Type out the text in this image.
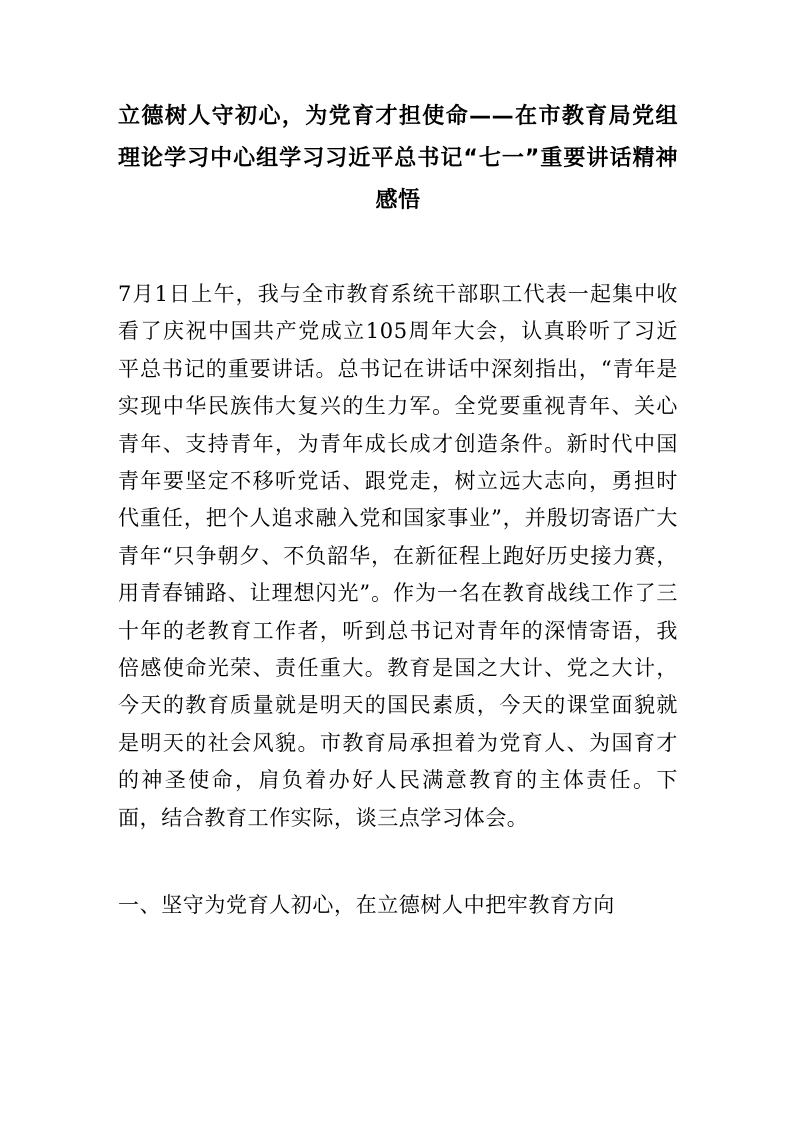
立德树人守初心，为党育才担使命——在市教育局党组理论学习中心组学习习近平总书记“七一”重要讲话精神感悟

7月1日上午，我与全市教育系统干部职工代表一起集中收看了庆祝中国共产党成立105周年大会，认真聆听了习近平总书记的重要讲话。总书记在讲话中深刻指出，“青年是实现中华民族伟大复兴的生力军。全党要重视青年、关心青年、支持青年，为青年成长成才创造条件。新时代中国青年要坚定不移听党话、跟党走，树立远大志向，勇担时代重任，把个人追求融入党和国家事业”，并殷切寄语广大青年“只争朝夕、不负韶华，在新征程上跑好历史接力赛，用青春铺路、让理想闪光”。作为一名在教育战线工作了三十年的老教育工作者，听到总书记对青年的深情寄语，我倍感使命光荣、责任重大。教育是国之大计、党之大计，今天的教育质量就是明天的国民素质，今天的课堂面貌就是明天的社会风貌。市教育局承担着为党育人、为国育才的神圣使命，肩负着办好人民满意教育的主体责任。下面，结合教育工作实际，谈三点学习体会。

一、坚守为党育人初心，在立德树人中把牢教育方向
